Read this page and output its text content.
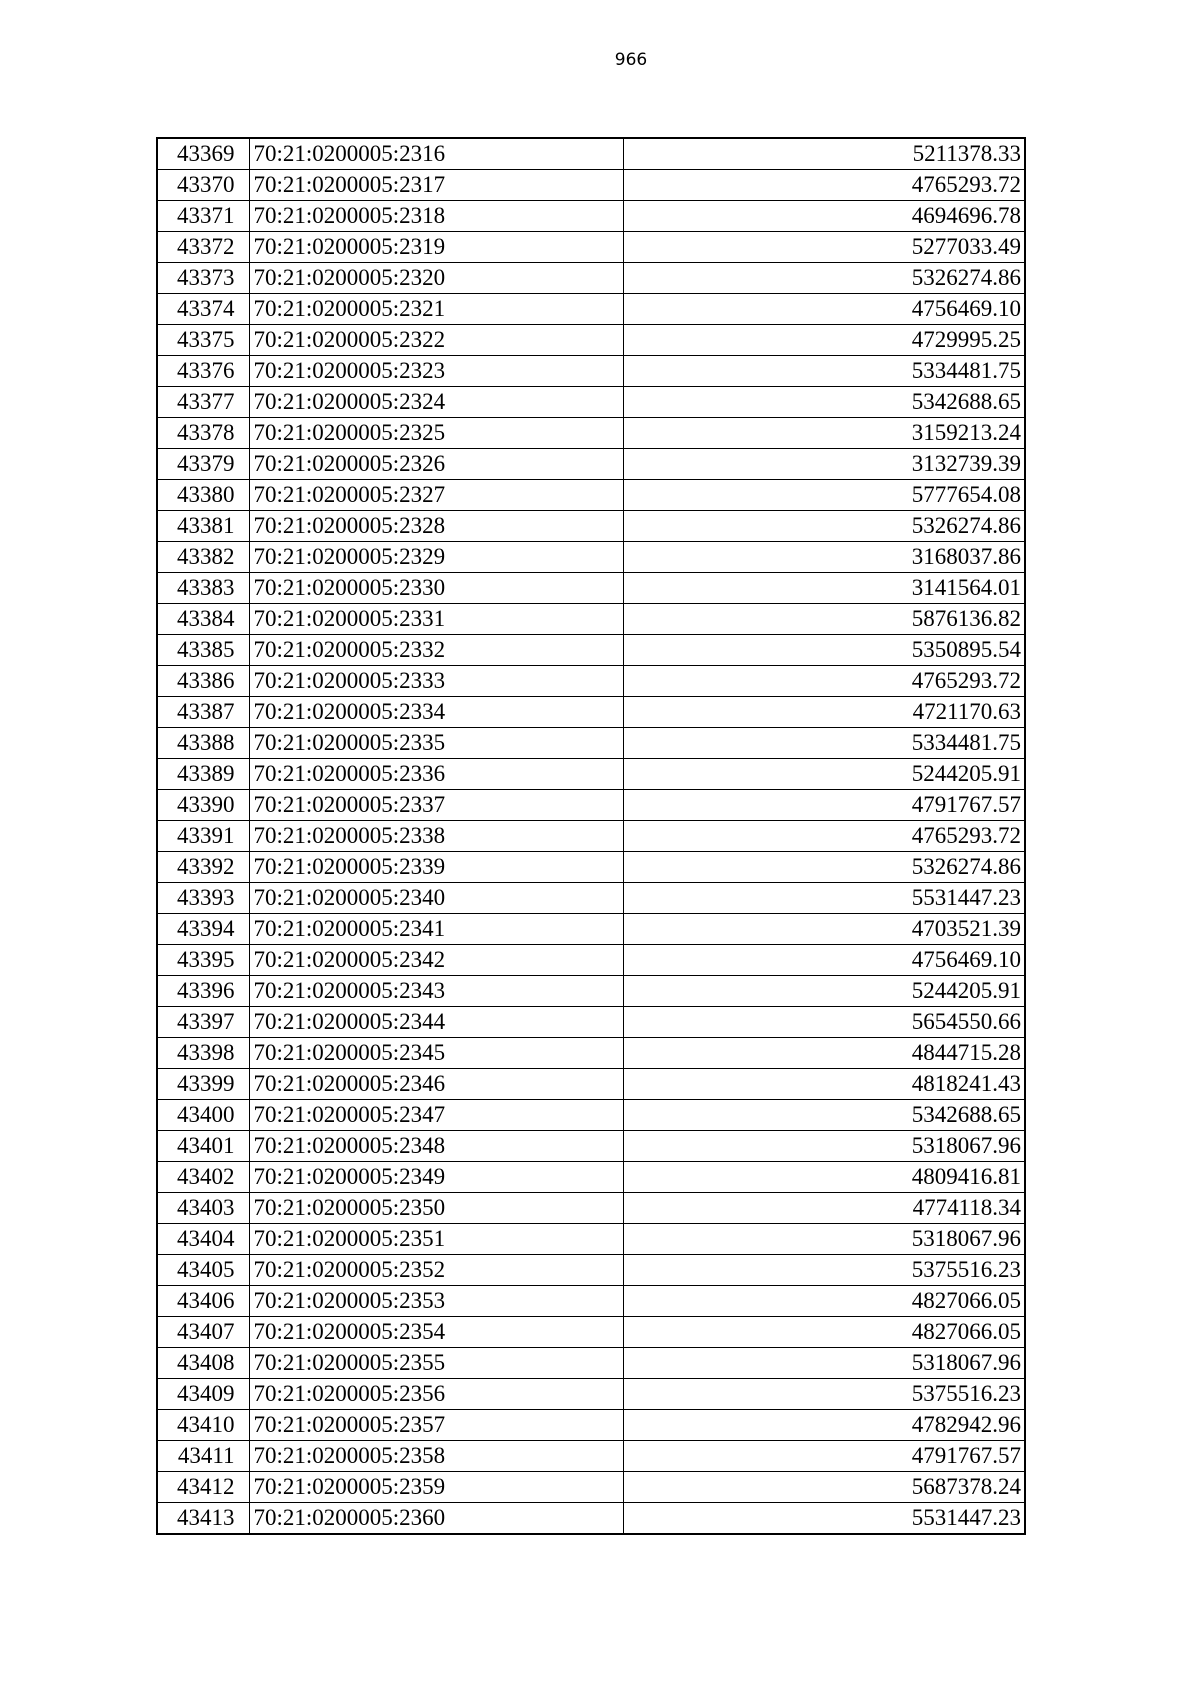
966
43369	70:21:0200005:2316	5211378.33
43370	70:21:0200005:2317	4765293.72
43371	70:21:0200005:2318	4694696.78
43372	70:21:0200005:2319	5277033.49
43373	70:21:0200005:2320	5326274.86
43374	70:21:0200005:2321	4756469.10
43375	70:21:0200005:2322	4729995.25
43376	70:21:0200005:2323	5334481.75
43377	70:21:0200005:2324	5342688.65
43378	70:21:0200005:2325	3159213.24
43379	70:21:0200005:2326	3132739.39
43380	70:21:0200005:2327	5777654.08
43381	70:21:0200005:2328	5326274.86
43382	70:21:0200005:2329	3168037.86
43383	70:21:0200005:2330	3141564.01
43384	70:21:0200005:2331	5876136.82
43385	70:21:0200005:2332	5350895.54
43386	70:21:0200005:2333	4765293.72
43387	70:21:0200005:2334	4721170.63
43388	70:21:0200005:2335	5334481.75
43389	70:21:0200005:2336	5244205.91
43390	70:21:0200005:2337	4791767.57
43391	70:21:0200005:2338	4765293.72
43392	70:21:0200005:2339	5326274.86
43393	70:21:0200005:2340	5531447.23
43394	70:21:0200005:2341	4703521.39
43395	70:21:0200005:2342	4756469.10
43396	70:21:0200005:2343	5244205.91
43397	70:21:0200005:2344	5654550.66
43398	70:21:0200005:2345	4844715.28
43399	70:21:0200005:2346	4818241.43
43400	70:21:0200005:2347	5342688.65
43401	70:21:0200005:2348	5318067.96
43402	70:21:0200005:2349	4809416.81
43403	70:21:0200005:2350	4774118.34
43404	70:21:0200005:2351	5318067.96
43405	70:21:0200005:2352	5375516.23
43406	70:21:0200005:2353	4827066.05
43407	70:21:0200005:2354	4827066.05
43408	70:21:0200005:2355	5318067.96
43409	70:21:0200005:2356	5375516.23
43410	70:21:0200005:2357	4782942.96
43411	70:21:0200005:2358	4791767.57
43412	70:21:0200005:2359	5687378.24
43413	70:21:0200005:2360	5531447.23
